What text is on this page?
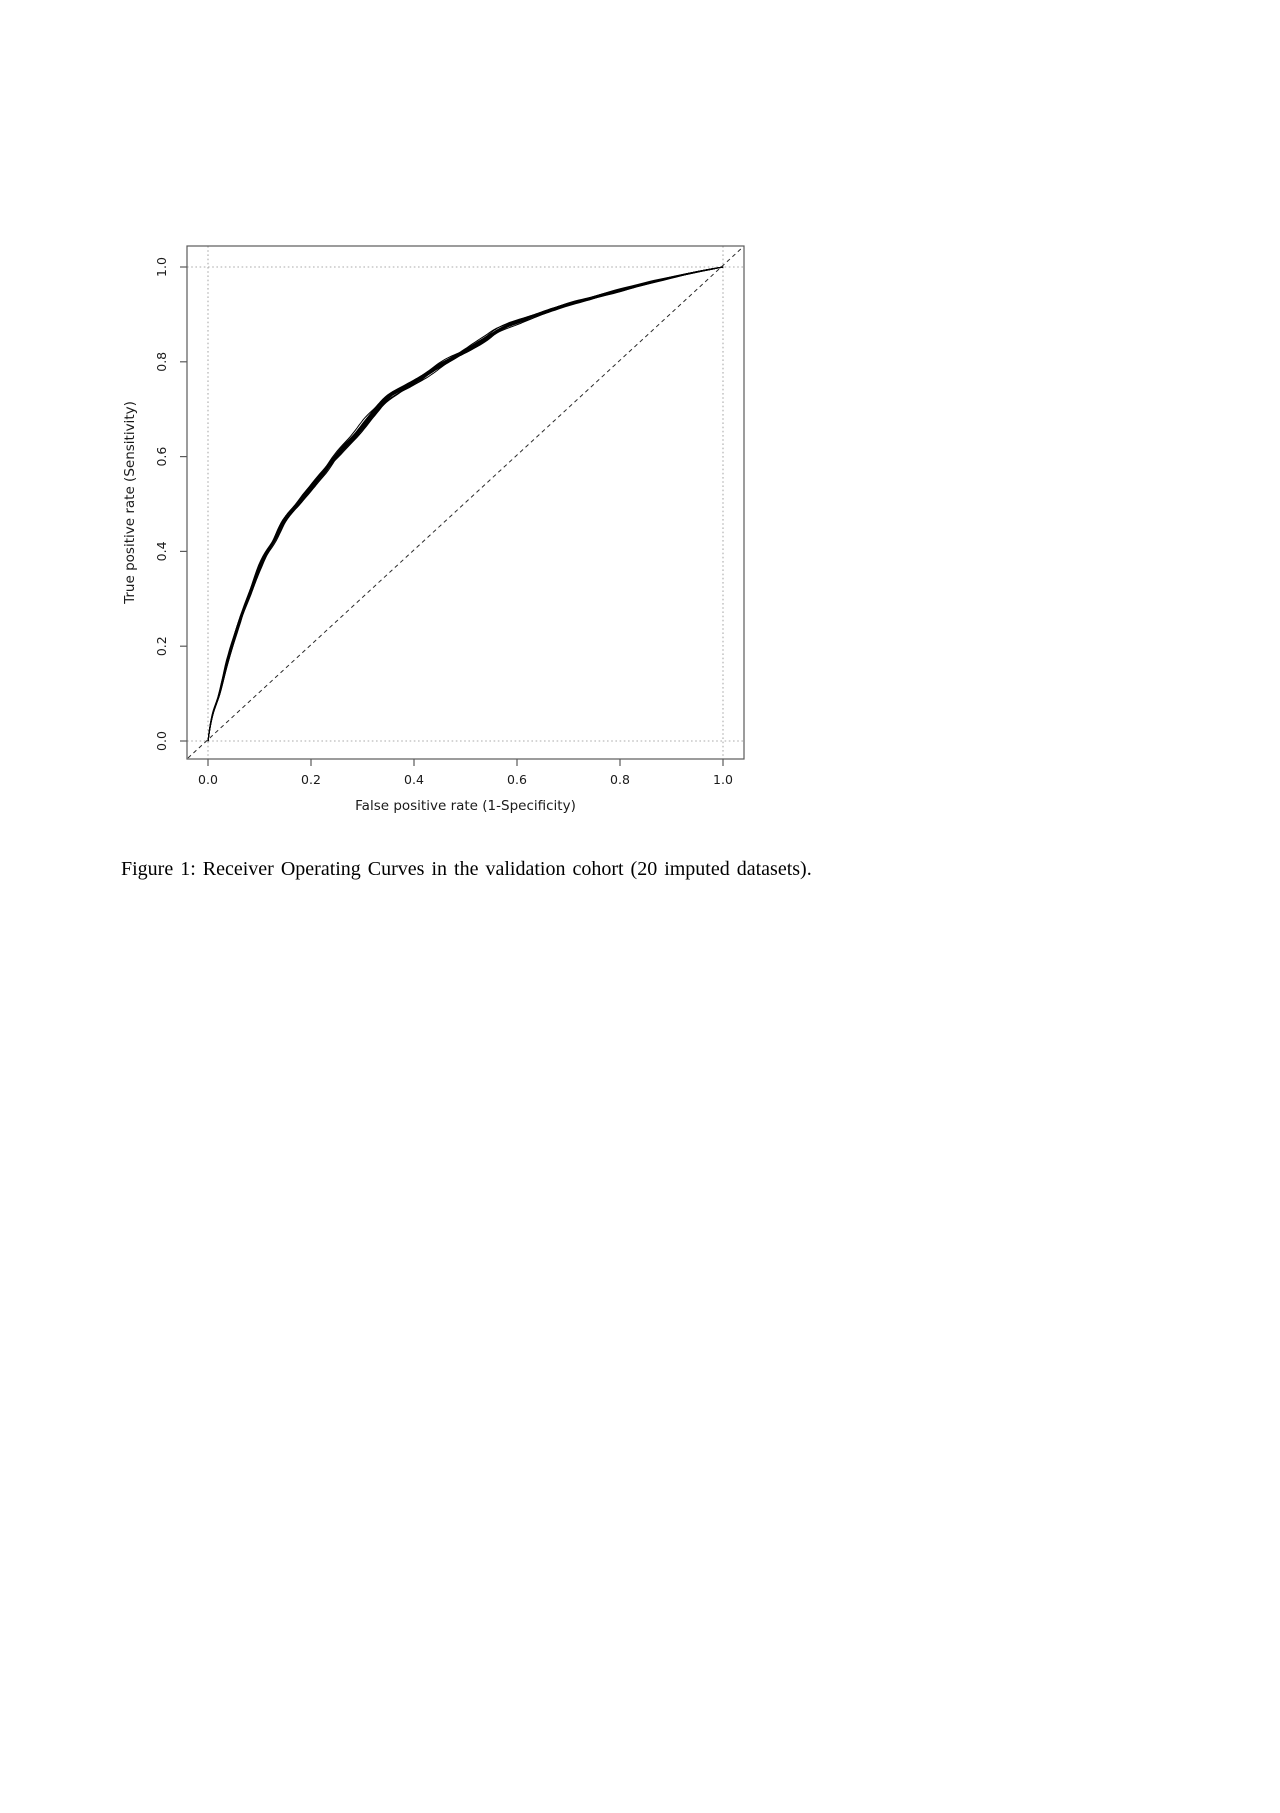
0.0	0.2	0.4	0.6	0.8	1.0
0.0
0.2
0.4
0.6
0.8
1.0
False positive rate (1-Specificity)
True positive rate (Sensitivity)
Figure 1: Receiver Operating Curves in the validation cohort (20 imputed datasets).
